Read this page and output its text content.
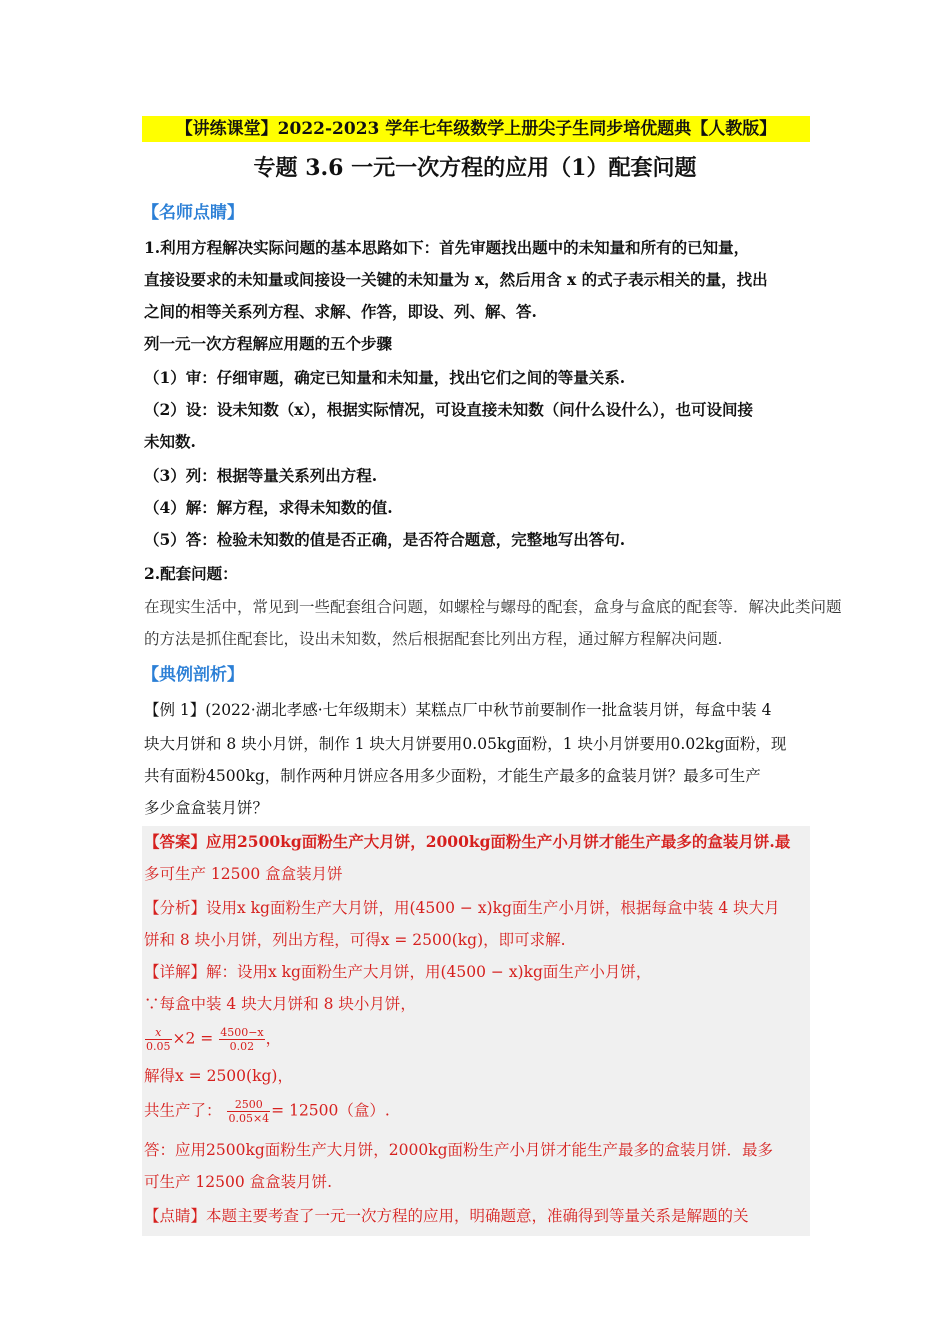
【讲练课堂】2022-2023 学年七年级数学上册尖子生同步培优题典【人教版】
专题 3.6 一元一次方程的应用（1）配套问题
【名师点睛】
1.利用方程解决实际问题的基本思路如下：首先审题找出题中的未知量和所有的已知量，
直接设要求的未知量或间接设一关键的未知量为 x，然后用含 x 的式子表示相关的量，找出
之间的相等关系列方程、求解、作答，即设、列、解、答.
列一元一次方程解应用题的五个步骤
（1）审：仔细审题，确定已知量和未知量，找出它们之间的等量关系.
（2）设：设未知数（x），根据实际情况，可设直接未知数（问什么设什么），也可设间接
未知数.
（3）列：根据等量关系列出方程.
（4）解：解方程，求得未知数的值.
（5）答：检验未知数的值是否正确，是否符合题意，完整地写出答句.
2.配套问题：
在现实生活中，常见到一些配套组合问题，如螺栓与螺母的配套，盒身与盒底的配套等．解决此类问题
的方法是抓住配套比，设出未知数，然后根据配套比列出方程，通过解方程解决问题.
【典例剖析】
【例 1】(2022·湖北孝感·七年级期末）某糕点厂中秋节前要制作一批盒装月饼，每盒中装 4
块大月饼和 8 块小月饼，制作 1 块大月饼要用0.05kg面粉，1 块小月饼要用0.02kg面粉，现
共有面粉4500kg，制作两种月饼应各用多少面粉，才能生产最多的盒装月饼？最多可生产
多少盒盒装月饼？
【答案】应用2500kg面粉生产大月饼，2000kg面粉生产小月饼才能生产最多的盒装月饼.最
多可生产 12500 盒盒装月饼
【分析】设用x kg面粉生产大月饼，用(4500 − x)kg面生产小月饼，根据每盒中装 4 块大月
饼和 8 块小月饼，列出方程，可得x = 2500(kg)，即可求解.
【详解】解：设用x kg面粉生产大月饼，用(4500 − x)kg面生产小月饼，
∵每盒中装 4 块大月饼和 8 块小月饼，
$\frac{x}{0.05} \times 2 = \frac{4500-x}{0.02}$ ，
解得x = 2500(kg)，
共生产了： $\frac{2500}{0.05\times 4} = 12500$（盒）.
答：应用2500kg面粉生产大月饼，2000kg面粉生产小月饼才能生产最多的盒装月饼．最多
可生产 12500 盒盒装月饼.
【点睛】本题主要考查了一元一次方程的应用，明确题意，准确得到等量关系是解题的关
